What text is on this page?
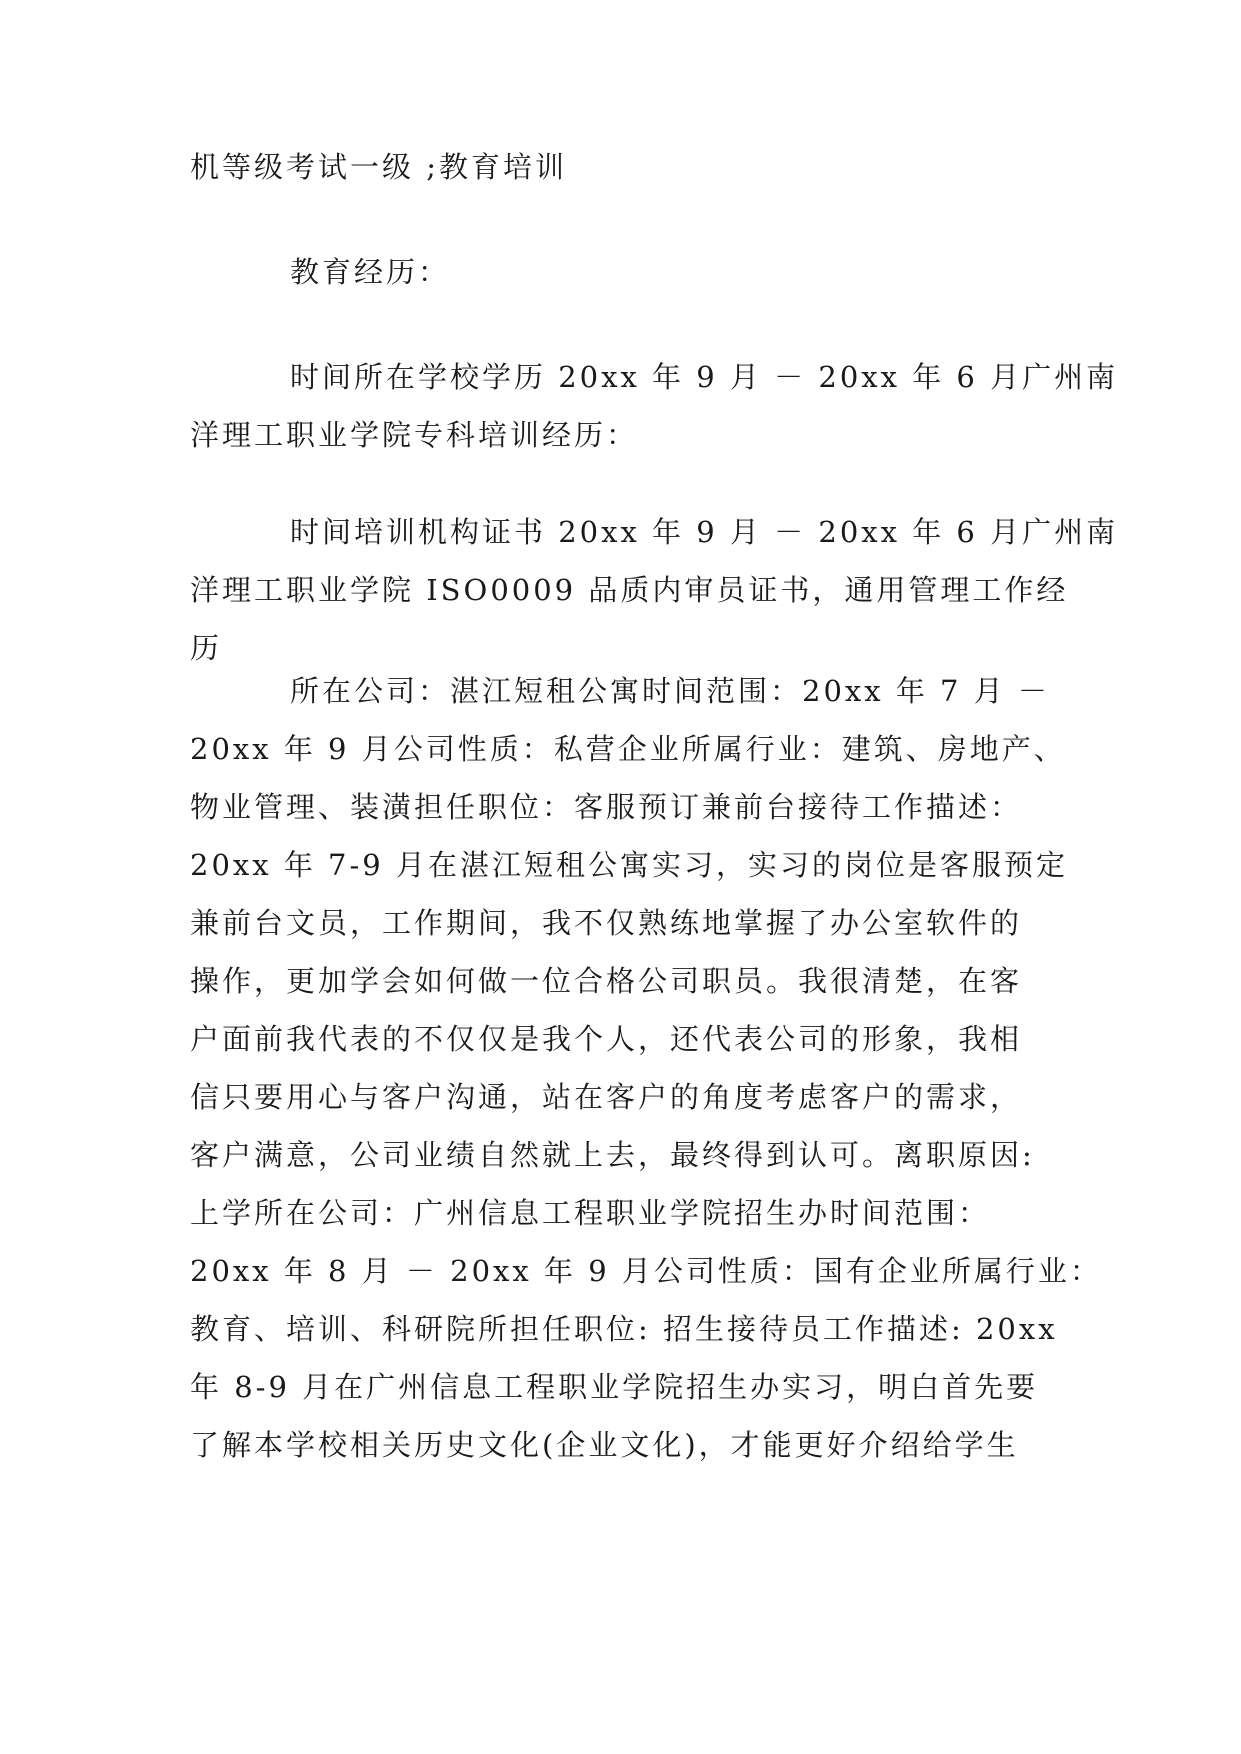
机等级考试一级 ;教育培训

教育经历：

时间所在学校学历 20xx 年 9 月 － 20xx 年 6 月广州南
洋理工职业学院专科培训经历：

时间培训机构证书 20xx 年 9 月 － 20xx 年 6 月广州南
洋理工职业学院 ISO0009 品质内审员证书，通用管理工作经
历

所在公司：湛江短租公寓时间范围：20xx 年 7 月 －
20xx 年 9 月公司性质：私营企业所属行业：建筑、房地产、
物业管理、装潢担任职位：客服预订兼前台接待工作描述：
20xx 年 7-9 月在湛江短租公寓实习，实习的岗位是客服预定
兼前台文员，工作期间，我不仅熟练地掌握了办公室软件的
操作，更加学会如何做一位合格公司职员。我很清楚，在客
户面前我代表的不仅仅是我个人，还代表公司的形象，我相
信只要用心与客户沟通，站在客户的角度考虑客户的需求，
客户满意，公司业绩自然就上去，最终得到认可。离职原因:
上学所在公司：广州信息工程职业学院招生办时间范围：
20xx 年 8 月 － 20xx 年 9 月公司性质：国有企业所属行业：
教育、培训、科研院所担任职位: 招生接待员工作描述: 20xx
年 8-9 月在广州信息工程职业学院招生办实习，明白首先要
了解本学校相关历史文化(企业文化)，才能更好介绍给学生
